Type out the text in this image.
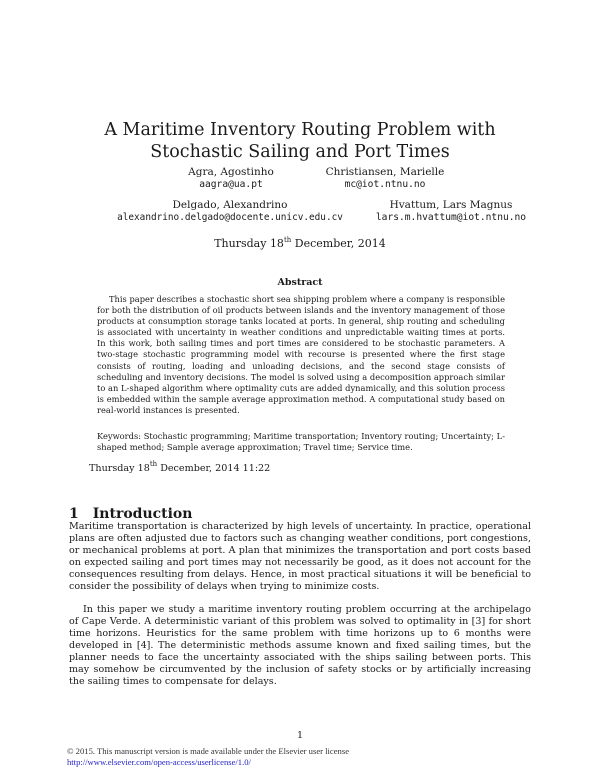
A Maritime Inventory Routing Problem with Stochastic Sailing and Port Times
Agra, Agostinho
aagra@ua.pt
Christiansen, Marielle
mc@iot.ntnu.no
Delgado, Alexandrino
alexandrino.delgado@docente.unicv.edu.cv
Hvattum, Lars Magnus
lars.m.hvattum@iot.ntnu.no
Thursday 18th December, 2014
Abstract

This paper describes a stochastic short sea shipping problem where a company is responsible for both the distribution of oil products between islands and the inventory management of those products at consumption storage tanks located at ports. In general, ship routing and scheduling is associated with uncertainty in weather conditions and unpredictable waiting times at ports. In this work, both sailing times and port times are considered to be stochastic parameters. A two-stage stochastic programming model with recourse is presented where the first stage consists of routing, loading and unloading decisions, and the second stage consists of scheduling and inventory decisions. The model is solved using a decomposition approach similar to an L-shaped algorithm where optimality cuts are added dynamically, and this solution process is embedded within the sample average approximation method. A computational study based on real-world instances is presented.

Keywords: Stochastic programming; Maritime transportation; Inventory routing; Uncertainty; L-shaped method; Sample average approximation; Travel time; Service time.

Thursday 18th December, 2014 11:22
1 Introduction

Maritime transportation is characterized by high levels of uncertainty. In practice, operational plans are often adjusted due to factors such as changing weather conditions, port congestions, or mechanical problems at port. A plan that minimizes the transportation and port costs based on expected sailing and port times may not necessarily be good, as it does not account for the consequences resulting from delays. Hence, in most practical situations it will be beneficial to consider the possibility of delays when trying to minimize costs.

In this paper we study a maritime inventory routing problem occurring at the archipelago of Cape Verde. A deterministic variant of this problem was solved to optimality in [3] for short time horizons. Heuristics for the same problem with time horizons up to 6 months were developed in [4]. The deterministic methods assume known and fixed sailing times, but the planner needs to face the uncertainty associated with the ships sailing between ports. This may somehow be circumvented by the inclusion of safety stocks or by artificially increasing the sailing times to compensate for delays.

1
© 2015. This manuscript version is made available under the Elsevier user license
http://www.elsevier.com/open-access/userlicense/1.0/
